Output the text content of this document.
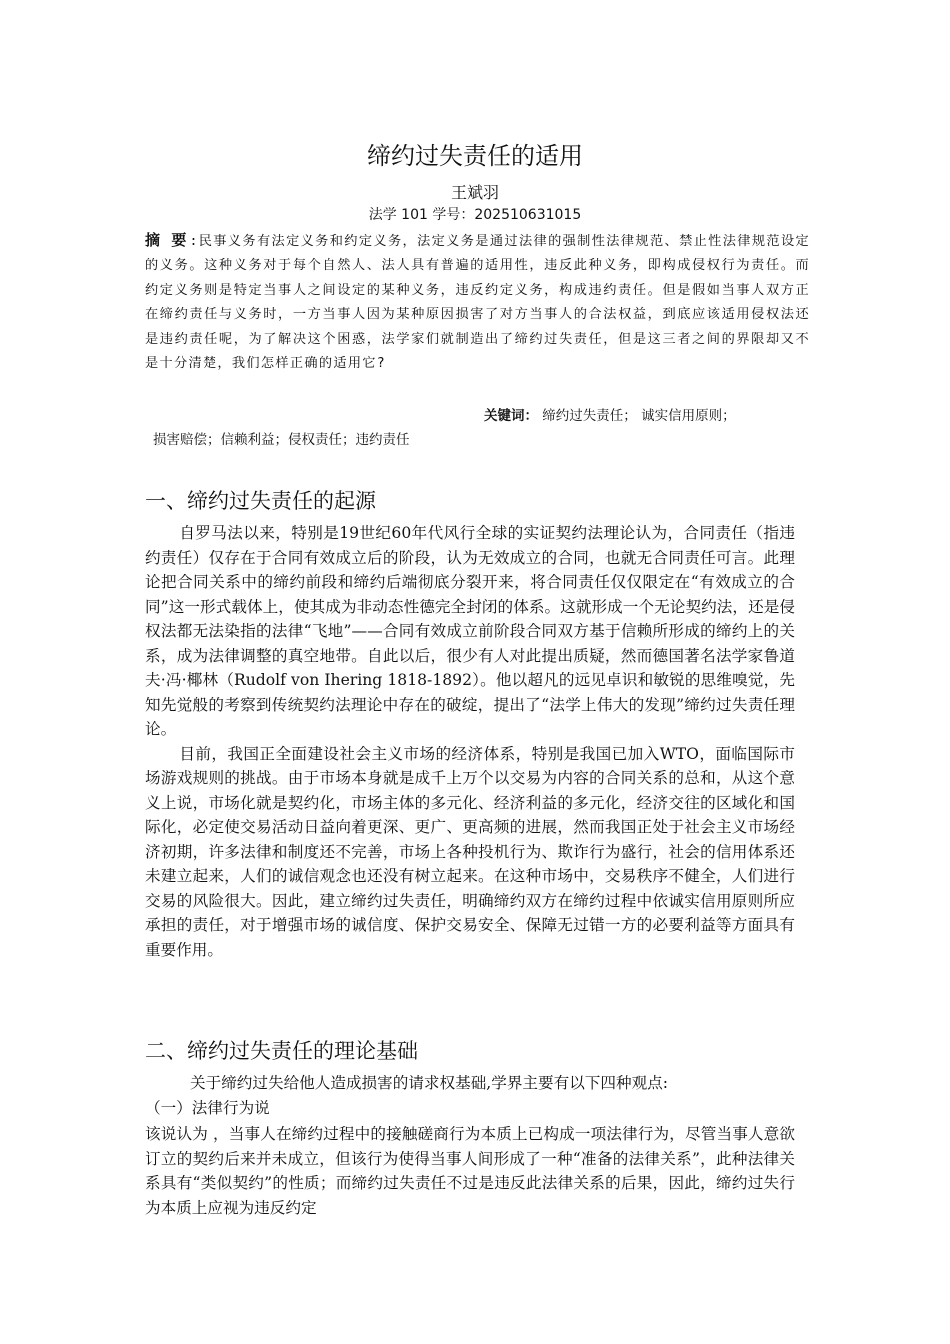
缔约过失责任的适用
王斌羽
法学 101 学号：202510631015
摘 要:民事义务有法定义务和约定义务，法定义务是通过法律的强制性法律规范、禁止性法律规范设定的义务。这种义务对于每个自然人、法人具有普遍的适用性，违反此种义务，即构成侵权行为责任。而约定义务则是特定当事人之间设定的某种义务，违反约定义务，构成违约责任。但是假如当事人双方正在缔约责任与义务时，一方当事人因为某种原因损害了对方当事人的合法权益，到底应该适用侵权法还是违约责任呢，为了解决这个困惑，法学家们就制造出了缔约过失责任，但是这三者之间的界限却又不是十分清楚，我们怎样正确的适用它?
关键词： 缔约过失责任； 诚实信用原则；
损害赔偿；信赖利益；侵权责任；违约责任
一、缔约过失责任的起源

自罗马法以来，特别是19世纪60年代风行全球的实证契约法理论认为，合同责任（指违约责任）仅存在于合同有效成立后的阶段，认为无效成立的合同，也就无合同责任可言。此理论把合同关系中的缔约前段和缔约后端彻底分裂开来，将合同责任仅仅限定在“有效成立的合同”这一形式载体上，使其成为非动态性德完全封闭的体系。这就形成一个无论契约法，还是侵权法都无法染指的法律“飞地”——合同有效成立前阶段合同双方基于信赖所形成的缔约上的关系，成为法律调整的真空地带。自此以后，很少有人对此提出质疑，然而德国著名法学家鲁道夫·冯·椰林（Rudolf von Ihering 1818-1892）。他以超凡的远见卓识和敏锐的思维嗅觉，先知先觉般的考察到传统契约法理论中存在的破绽，提出了“法学上伟大的发现”缔约过失责任理论。

目前，我国正全面建设社会主义市场的经济体系，特别是我国已加入WTO，面临国际市场游戏规则的挑战。由于市场本身就是成千上万个以交易为内容的合同关系的总和，从这个意义上说，市场化就是契约化，市场主体的多元化、经济利益的多元化，经济交往的区域化和国际化，必定使交易活动日益向着更深、更广、更高频的进展，然而我国正处于社会主义市场经济初期，许多法律和制度还不完善，市场上各种投机行为、欺诈行为盛行，社会的信用体系还未建立起来，人们的诚信观念也还没有树立起来。在这种市场中，交易秩序不健全，人们进行交易的风险很大。因此，建立缔约过失责任，明确缔约双方在缔约过程中依诚实信用原则所应承担的责任，对于增强市场的诚信度、保护交易安全、保障无过错一方的必要利益等方面具有重要作用。

二、缔约过失责任的理论基础
关于缔约过失给他人造成损害的请求权基础,学界主要有以下四种观点:
（一）法律行为说

该说认为 ，当事人在缔约过程中的接触磋商行为本质上已构成一项法律行为，尽管当事人意欲订立的契约后来并未成立，但该行为使得当事人间形成了一种“准备的法律关系”，此种法律关系具有“类似契约”的性质；而缔约过失责任不过是违反此法律关系的后果，因此，缔约过失行为本质上应视为违反约定
